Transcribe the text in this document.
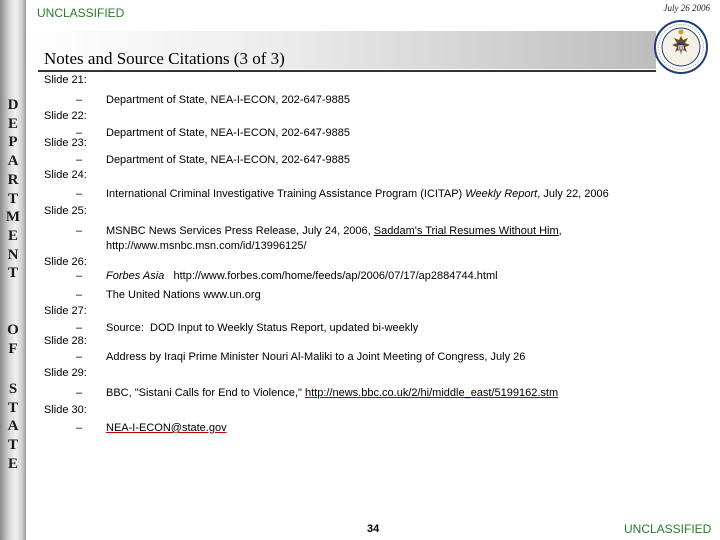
D
E
P
A
R
T
M
E
N
T
O
F
S
T
A
T
E
UNCLASSIFIED	July 26 2006
Notes and Source Citations (3 of 3)
Slide 21:
– Department of State, NEA-I-ECON, 202-647-9885
Slide 22:
– Department of State, NEA-I-ECON, 202-647-9885
Slide 23:
– Department of State, NEA-I-ECON, 202-647-9885
Slide 24:
– International Criminal Investigative Training Assistance Program (ICITAP) Weekly Report, July 22, 2006
Slide 25:
– MSNBC News Services Press Release, July 24, 2006, Saddam's Trial Resumes Without Him, http://www.msnbc.msn.com/id/13996125/
Slide 26:
– Forbes Asia   http://www.forbes.com/home/feeds/ap/2006/07/17/ap2884744.html
– The United Nations www.un.org
Slide 27:
– Source:  DOD Input to Weekly Status Report, updated bi-weekly
Slide 28:
– Address by Iraqi Prime Minister Nouri Al-Maliki to a Joint Meeting of Congress, July 26
Slide 29:
– BBC, "Sistani Calls for End to Violence," http://news.bbc.co.uk/2/hi/middle_east/5199162.stm
Slide 30:
– NEA-I-ECON@state.gov
34	UNCLASSIFIED
